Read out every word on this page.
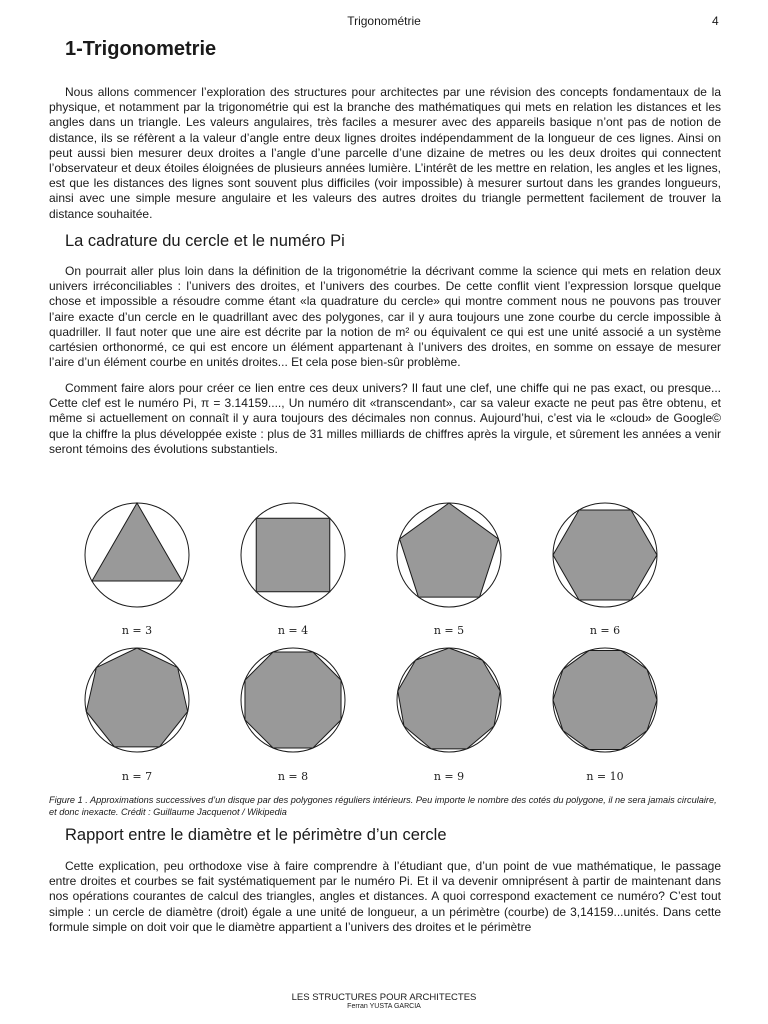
Trigonométrie	4
1-Trigonometrie

Nous allons commencer l’exploration des structures pour architectes par une révision des concepts fondamentaux de la physique, et notamment par la trigonométrie qui est la branche des mathématiques qui mets en relation les distances et les angles dans un triangle. Les valeurs angulaires, très faciles a mesurer avec des appareils basique n’ont pas de notion de distance, ils se réfèrent a la valeur d’angle entre deux lignes droites indépendamment de la longueur de ces lignes. Ainsi on peut aussi bien mesurer deux droites a l’angle d’une parcelle d’une dizaine de metres ou les deux droites qui connectent l’observateur et deux étoiles éloignées de plusieurs années lumière. L’intérêt de les mettre en relation, les angles et les lignes, est que les distances des lignes sont souvent plus difficiles (voir impossible) à mesurer surtout dans les grandes longueurs, ainsi avec une simple mesure angulaire et les valeurs des autres droites du triangle permettent facilement de trouver la distance souhaitée.

La cadrature du cercle et le numéro Pi

On pourrait aller plus loin dans la définition de la trigonométrie la décrivant comme la science qui mets en relation deux univers irréconciliables : l’univers des droites, et l’univers des courbes. De cette conflit vient l’expression lorsque quelque chose et impossible a résoudre comme étant «la quadrature du cercle» qui montre comment nous ne pouvons pas trouver l’aire exacte d’un cercle en le quadrillant avec des polygones, car il y aura toujours une zone courbe du cercle impossible à quadriller. Il faut noter que une aire est décrite par la notion de m² ou équivalent ce qui est une unité associé a un système cartésien orthonormé, ce qui est encore un élément appartenant à l’univers des droites, en somme on essaye de mesurer l’aire d’un élément courbe en unités droites... Et cela pose bien-sûr problème.

Comment faire alors pour créer ce lien entre ces deux univers? Il faut une clef, une chiffe qui ne pas exact, ou presque... Cette clef est le numéro Pi, π = 3.14159...., Un numéro dit «transcendant», car sa valeur exacte ne peut pas être obtenu, et même si actuellement on connaît il y aura toujours des décimales non connus. Aujourd’hui, c’est via le «cloud» de Google© que la chiffre la plus développée existe : plus de 31 milles milliards de chiffres après la virgule, et sûrement les années a venir seront témoins des évolutions substantiels.

n = 3	n = 4	n = 5	n = 6
n = 7	n = 8	n = 9	n = 10

Figure 1 . Approximations successives d’un disque par des polygones réguliers intérieurs. Peu importe le nombre des cotés du polygone, il ne sera jamais circulaire, et donc inexacte. Crédit : Guillaume Jacquenot / Wikipedia

Rapport entre le diamètre et le périmètre d’un cercle

Cette explication, peu orthodoxe vise à faire comprendre à l’étudiant que, d’un point de vue mathématique, le passage entre droites et courbes se fait systématiquement par le numéro Pi. Et il va devenir omniprésent à partir de maintenant dans nos opérations courantes de calcul des triangles, angles et distances. A quoi correspond exactement ce numéro? C’est tout simple : un cercle de diamètre (droit) égale a une unité de longueur, a un périmètre (courbe) de 3,14159...unités. Dans cette formule simple on doit voir que le diamètre appartient a l’univers des droites et le périmètre

LES STRUCTURES POUR ARCHITECTES
Ferran YUSTA GARCIA
